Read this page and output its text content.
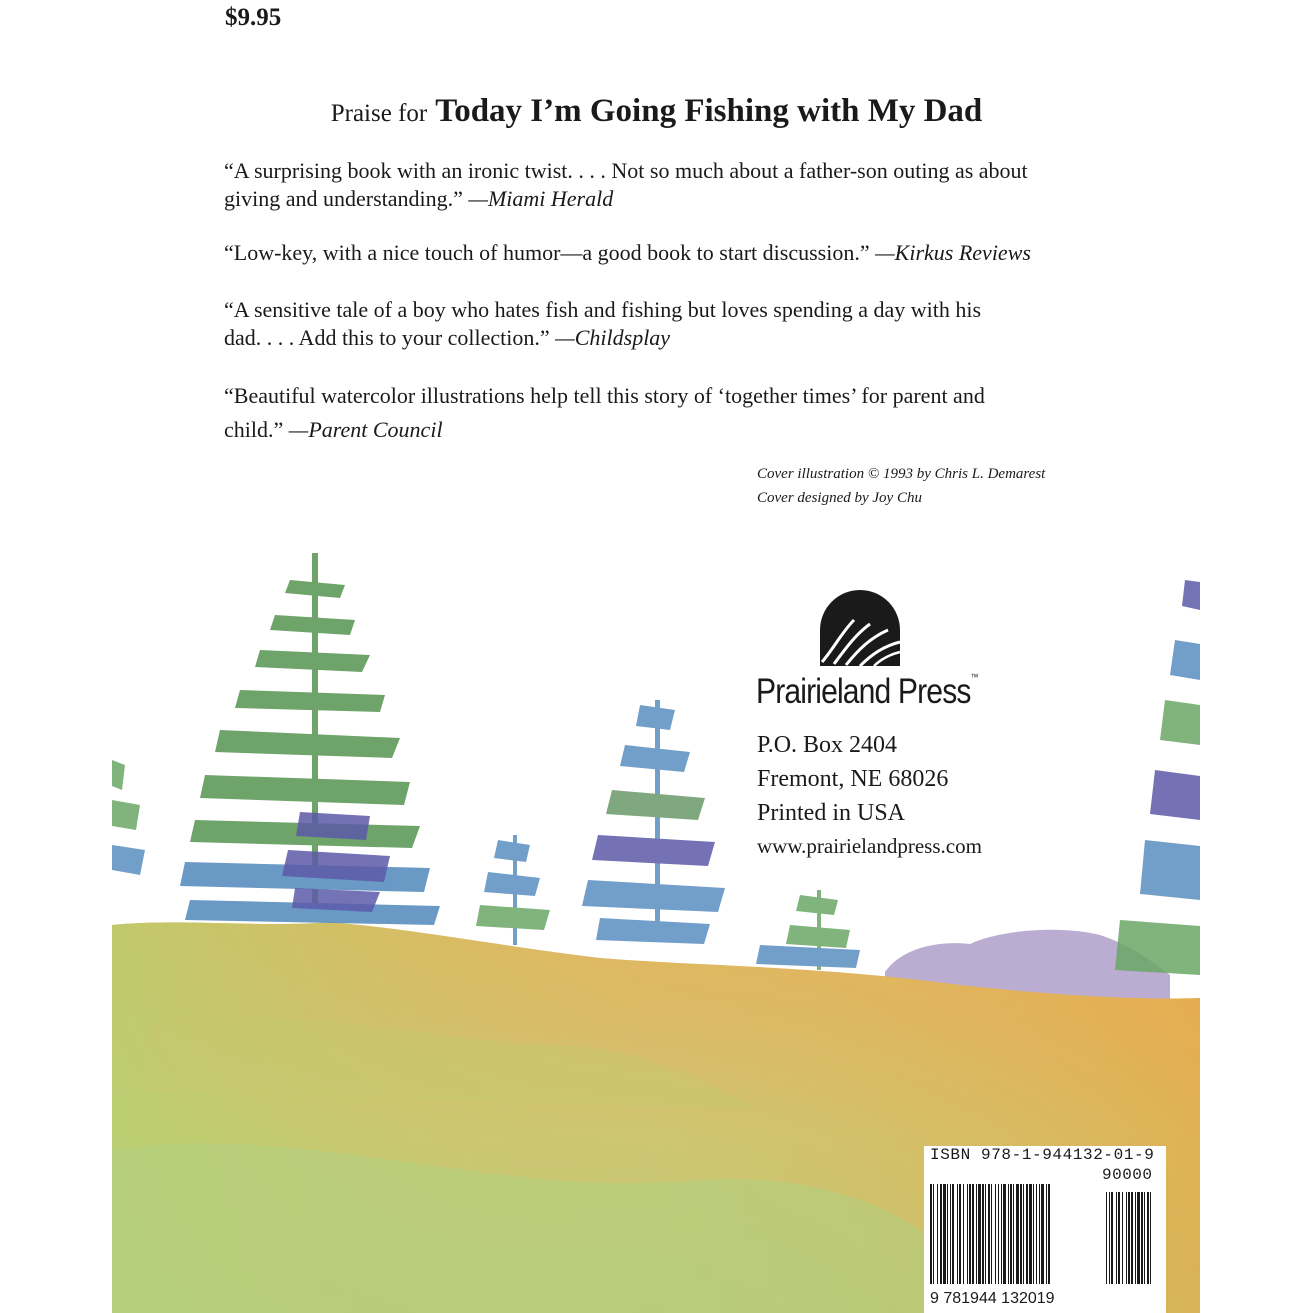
$9.95
Praise for Today I’m Going Fishing with My Dad

“A surprising book with an ironic twist. . . . Not so much about a father-son outing as about
giving and understanding.” —Miami Herald

“Low-key, with a nice touch of humor—a good book to start discussion.” —Kirkus Reviews

“A sensitive tale of a boy who hates fish and fishing but loves spending a day with his
dad. . . . Add this to your collection.” —Childsplay

“Beautiful watercolor illustrations help tell this story of ‘together times’ for parent and
child.” —Parent Council

Cover illustration © 1993 by Chris L. Demarest
Cover designed by Joy Chu
Prairieland Press™
P.O. Box 2404
Fremont, NE 68026
Printed in USA
www.prairielandpress.com
ISBN 978-1-944132-01-9
90000
9 781944 132019
